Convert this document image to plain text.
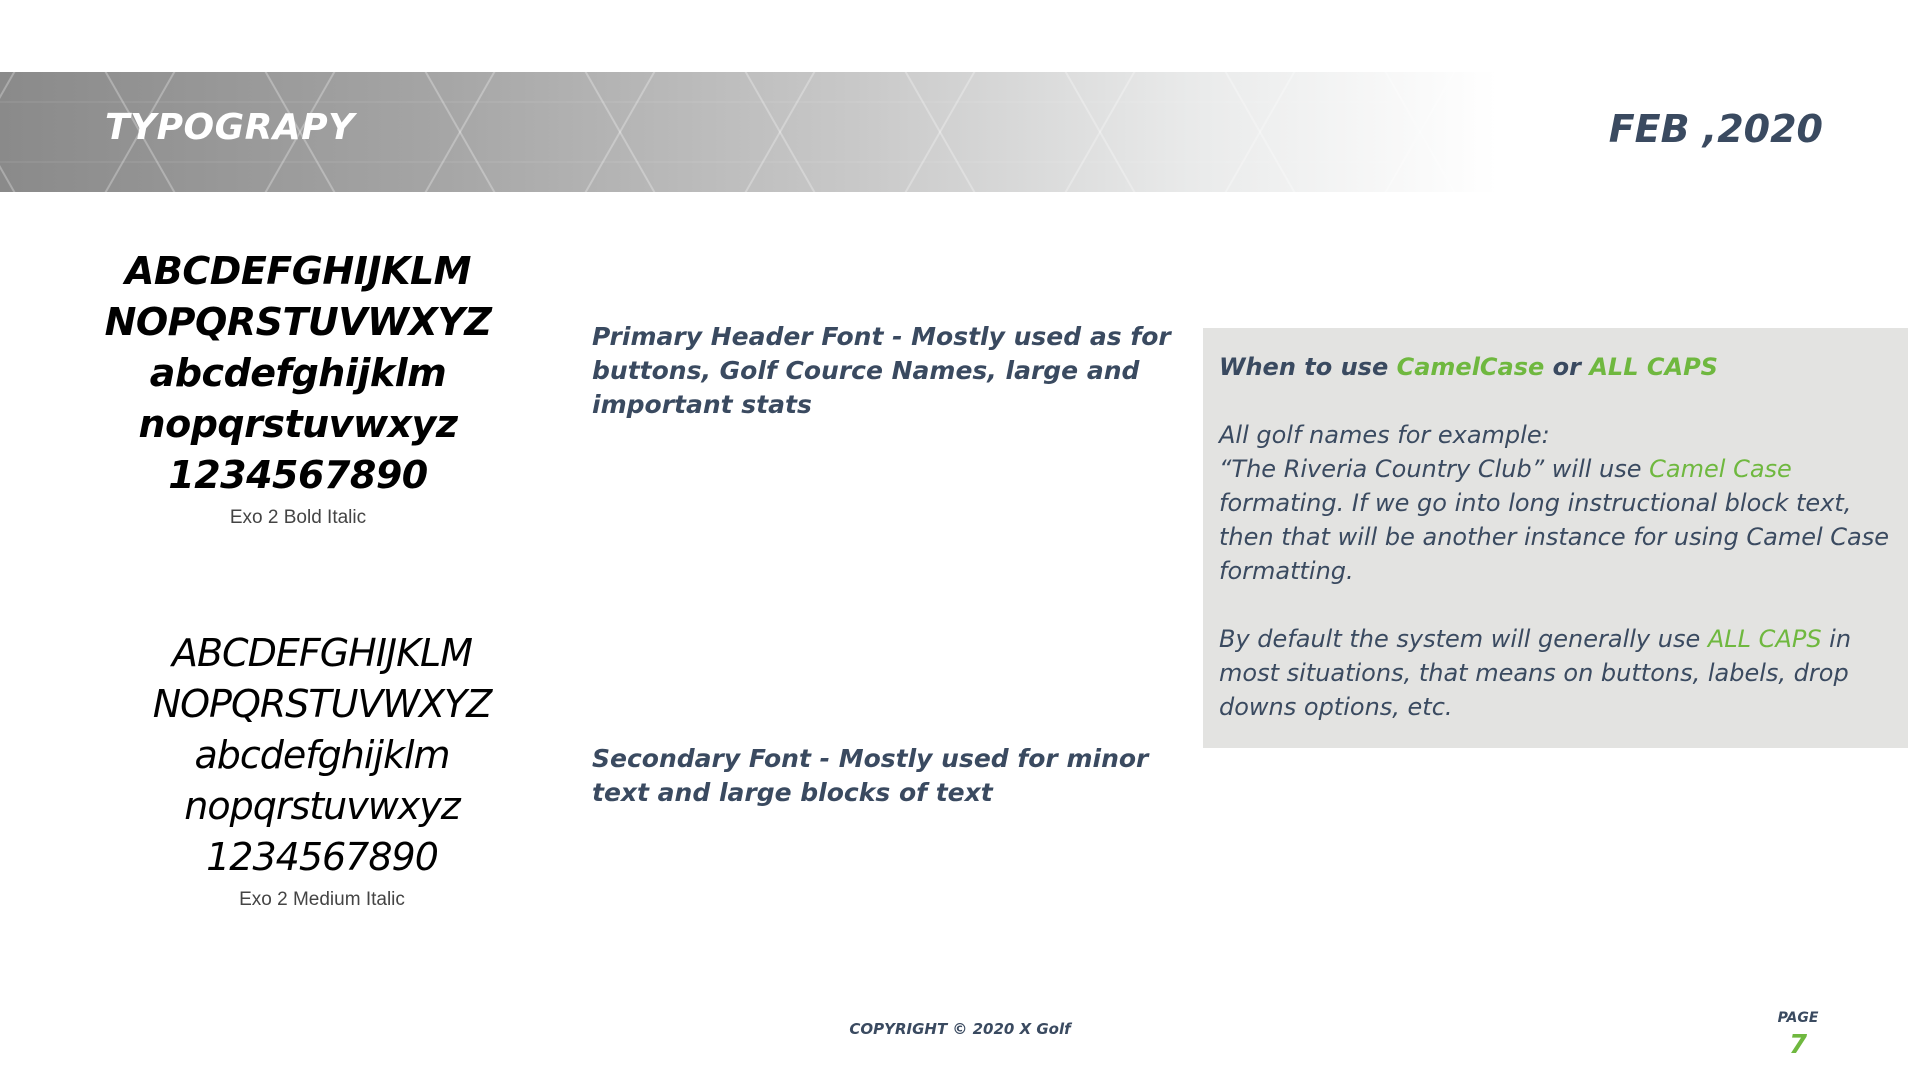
TYPOGRAPY	FEB ,2020
ABCDEFGHIJKLM
NOPQRSTUVWXYZ
abcdefghijklm
nopqrstuvwxyz
1234567890
Exo 2 Bold Italic
ABCDEFGHIJKLM
NOPQRSTUVWXYZ
abcdefghijklm
nopqrstuvwxyz
1234567890
Exo 2 Medium Italic
Primary Header Font - Mostly used as for buttons, Golf Cource Names, large and important stats
Secondary Font - Mostly used for minor text and large blocks of text
When to use CamelCase or ALL CAPS

All golf names for example:
“The Riveria Country Club” will use Camel Case formating. If we go into long instructional block text, then that will be another instance for using Camel Case formatting.

By default the system will generally use ALL CAPS in most situations, that means on buttons, labels, drop downs options, etc.

COPYRIGHT © 2020 X Golf
PAGE
7
